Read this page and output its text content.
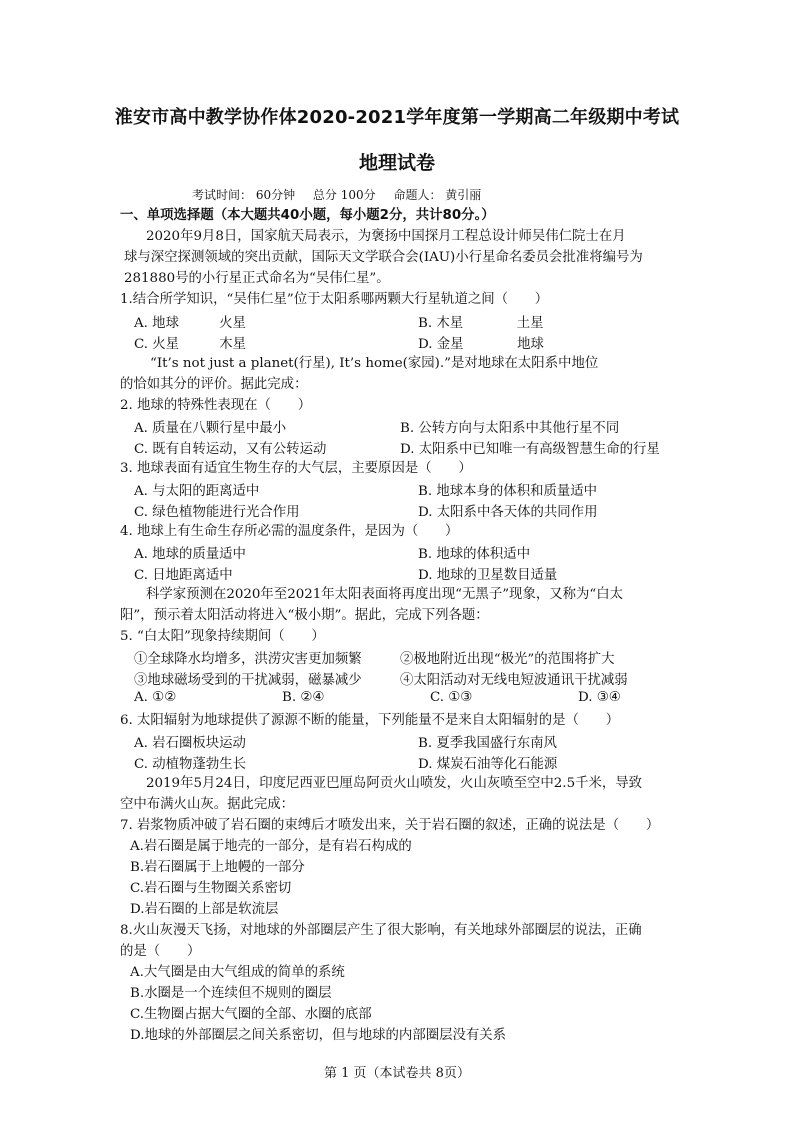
淮安市高中教学协作体2020-2021学年度第一学期高二年级期中考试
地理试卷
考试时间： 60分钟 总分 100分 命题人： 黄引丽
一、单项选择题（本大题共40小题，每小题2分，共计80分。）
2020年9月8日，国家航天局表示，为褒扬中国探月工程总设计师吴伟仁院士在月
球与深空探测领域的突出贡献，国际天文学联合会(IAU)小行星命名委员会批准将编号为
281880号的小行星正式命名为“吴伟仁星”。
1.结合所学知识，“吴伟仁星”位于太阳系哪两颗大行星轨道之间（　　）
A. 地球　　　火星	B. 木星　　　　土星
C. 火星　　　木星	D. 金星　　　　地球
“It’s not just a planet(行星), It’s home(家园).”是对地球在太阳系中地位
的恰如其分的评价。据此完成：
2. 地球的特殊性表现在（　　）
A. 质量在八颗行星中最小	B. 公转方向与太阳系中其他行星不同
C. 既有自转运动，又有公转运动	D. 太阳系中已知唯一有高级智慧生命的行星
3. 地球表面有适宜生物生存的大气层，主要原因是（　　）
A. 与太阳的距离适中	B. 地球本身的体积和质量适中
C. 绿色植物能进行光合作用	D. 太阳系中各天体的共同作用
4. 地球上有生命生存所必需的温度条件，是因为（　　）
A. 地球的质量适中	B. 地球的体积适中
C. 日地距离适中	D. 地球的卫星数目适量
科学家预测在2020年至2021年太阳表面将再度出现“无黑子”现象，又称为“白太
阳”，预示着太阳活动将进入“极小期”。据此，完成下列各题：
5. “白太阳”现象持续期间（　　）
①全球降水均增多，洪涝灾害更加频繁	②极地附近出现“极光”的范围将扩大
③地球磁场受到的干扰减弱，磁暴减少	④太阳活动对无线电短波通讯干扰减弱
A. ①②	B. ②④	C. ①③	D. ③④
6. 太阳辐射为地球提供了源源不断的能量，下列能量不是来自太阳辐射的是（　　）
A. 岩石圈板块运动	B. 夏季我国盛行东南风
C. 动植物蓬勃生长	D. 煤炭石油等化石能源
2019年5月24日，印度尼西亚巴厘岛阿贡火山喷发，火山灰喷至空中2.5千米，导致
空中布满火山灰。据此完成：
7. 岩浆物质冲破了岩石圈的束缚后才喷发出来，关于岩石圈的叙述，正确的说法是（　　）
A.岩石圈是属于地壳的一部分，是有岩石构成的
B.岩石圈属于上地幔的一部分
C.岩石圈与生物圈关系密切
D.岩石圈的上部是软流层
8.火山灰漫天飞扬，对地球的外部圈层产生了很大影响，有关地球外部圈层的说法，正确
的是（　　）
A.大气圈是由大气组成的简单的系统
B.水圈是一个连续但不规则的圈层
C.生物圈占据大气圈的全部、水圈的底部
D.地球的外部圈层之间关系密切，但与地球的内部圈层没有关系
第 1 页（本试卷共 8页）
